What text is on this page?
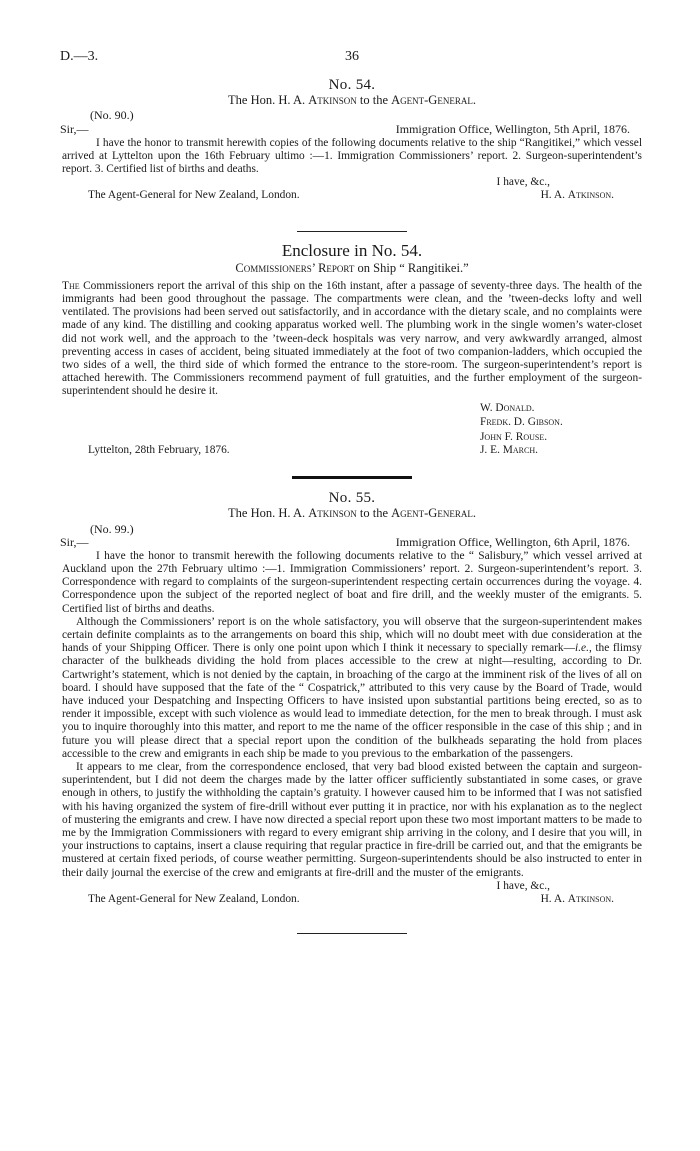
D.—3.	36
No. 54.
The Hon. H. A. Atkinson to the Agent-General.
(No. 90.)
Sir,—	Immigration Office, Wellington, 5th April, 1876.

I have the honor to transmit herewith copies of the following documents relative to the ship “Rangitikei,” which vessel arrived at Lyttelton upon the 16th February ultimo :—1. Immigration Commissioners’ report. 2. Surgeon-superintendent’s report. 3. Certified list of births and deaths.

I have, &c.,
The Agent-General for New Zealand, London.	H. A. Atkinson.
Enclosure in No. 54.
Commissioners’ Report on Ship “ Rangitikei.”

The Commissioners report the arrival of this ship on the 16th instant, after a passage of seventy-three days. The health of the immigrants had been good throughout the passage. The compartments were clean, and the ’tween-decks lofty and well ventilated. The provisions had been served out satisfactorily, and in accordance with the dietary scale, and no complaints were made of any kind. The distilling and cooking apparatus worked well. The plumbing work in the single women’s water-closet did not work well, and the approach to the ’tween-deck hospitals was very narrow, and very awkwardly arranged, almost preventing access in cases of accident, being situated immediately at the foot of two companion-ladders, which occupied the two sides of a well, the third side of which formed the entrance to the store-room. The surgeon-superintendent’s report is attached herewith. The Commissioners recommend payment of full gratuities, and the further employment of the surgeon-superintendent should he desire it.

W. Donald.
Fredk. D. Gibson.
John F. Rouse.
Lyttelton, 28th February, 1876.	J. E. March.
No. 55.
The Hon. H. A. Atkinson to the Agent-General.
(No. 99.)
Sir,—	Immigration Office, Wellington, 6th April, 1876.

I have the honor to transmit herewith the following documents relative to the “ Salisbury,” which vessel arrived at Auckland upon the 27th February ultimo :—1. Immigration Commissioners’ report. 2. Surgeon-superintendent’s report. 3. Correspondence with regard to complaints of the surgeon-superintendent respecting certain occurrences during the voyage. 4. Correspondence upon the subject of the reported neglect of boat and fire drill, and the weekly muster of the emigrants. 5. Certified list of births and deaths.

Although the Commissioners’ report is on the whole satisfactory, you will observe that the surgeon-superintendent makes certain definite complaints as to the arrangements on board this ship, which will no doubt meet with due consideration at the hands of your Shipping Officer. There is only one point upon which I think it necessary to specially remark—i.e., the flimsy character of the bulkheads dividing the hold from places accessible to the crew at night—resulting, according to Dr. Cartwright’s statement, which is not denied by the captain, in broaching of the cargo at the imminent risk of the lives of all on board. I should have supposed that the fate of the “ Cospatrick,” attributed to this very cause by the Board of Trade, would have induced your Despatching and Inspecting Officers to have insisted upon substantial partitions being erected, so as to render it impossible, except with such violence as would lead to immediate detection, for the men to break through. I must ask you to inquire thoroughly into this matter, and report to me the name of the officer responsible in the case of this ship ; and in future you will please direct that a special report upon the condition of the bulkheads separating the hold from places accessible to the crew and emigrants in each ship be made to you previous to the embarkation of the passengers.

It appears to me clear, from the correspondence enclosed, that very bad blood existed between the captain and surgeon-superintendent, but I did not deem the charges made by the latter officer sufficiently substantiated in some cases, or grave enough in others, to justify the withholding the captain’s gratuity. I however caused him to be informed that I was not satisfied with his having organized the system of fire-drill without ever putting it in practice, nor with his explanation as to the neglect of mustering the emigrants and crew. I have now directed a special report upon these two most important matters to be made to me by the Immigration Commissioners with regard to every emigrant ship arriving in the colony, and I desire that you will, in your instructions to captains, insert a clause requiring that regular practice in fire-drill be carried out, and that the emigrants be mustered at certain fixed periods, of course weather permitting. Surgeon-superintendents should be also instructed to enter in their daily journal the exercise of the crew and emigrants at fire-drill and the muster of the emigrants.

I have, &c.,
The Agent-General for New Zealand, London.	H. A. Atkinson.
